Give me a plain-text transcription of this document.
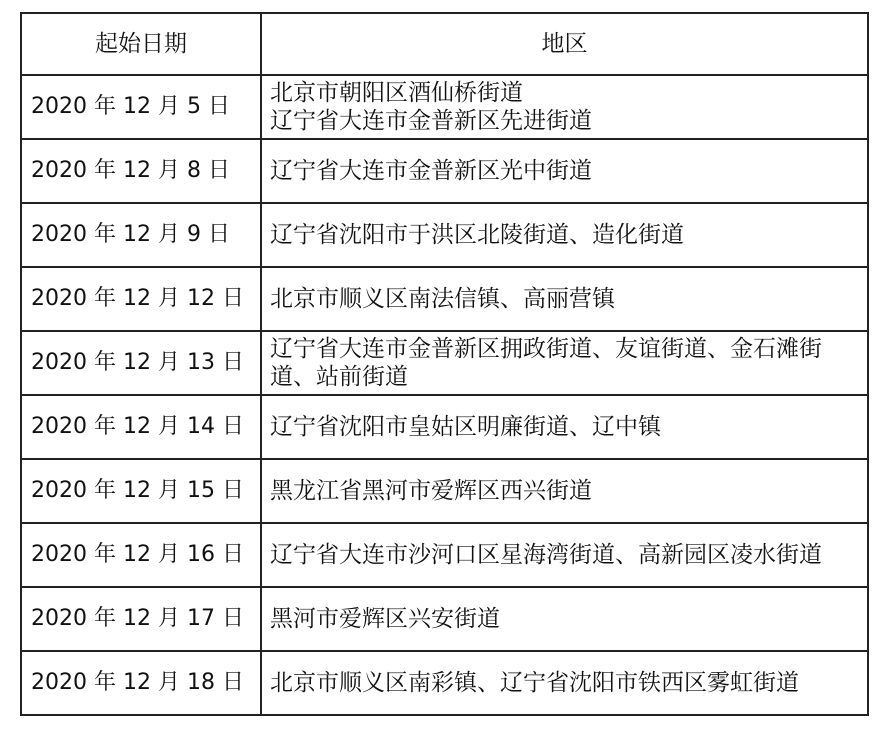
起始日期	地区
2020 年 12 月 5 日	北京市朝阳区酒仙桥街道
辽宁省大连市金普新区先进街道

2020 年 12 月 8 日	辽宁省大连市金普新区光中街道

2020 年 12 月 9 日	辽宁省沈阳市于洪区北陵街道、造化街道

2020 年 12 月 12 日	北京市顺义区南法信镇、高丽营镇

2020 年 12 月 13 日	辽宁省大连市金普新区拥政街道、友谊街道、金石滩街
道、站前街道

2020 年 12 月 14 日	辽宁省沈阳市皇姑区明廉街道、辽中镇

2020 年 12 月 15 日	黑龙江省黑河市爱辉区西兴街道

2020 年 12 月 16 日	辽宁省大连市沙河口区星海湾街道、高新园区凌水街道

2020 年 12 月 17 日	黑河市爱辉区兴安街道

2020 年 12 月 18 日	北京市顺义区南彩镇、辽宁省沈阳市铁西区雾虹街道
